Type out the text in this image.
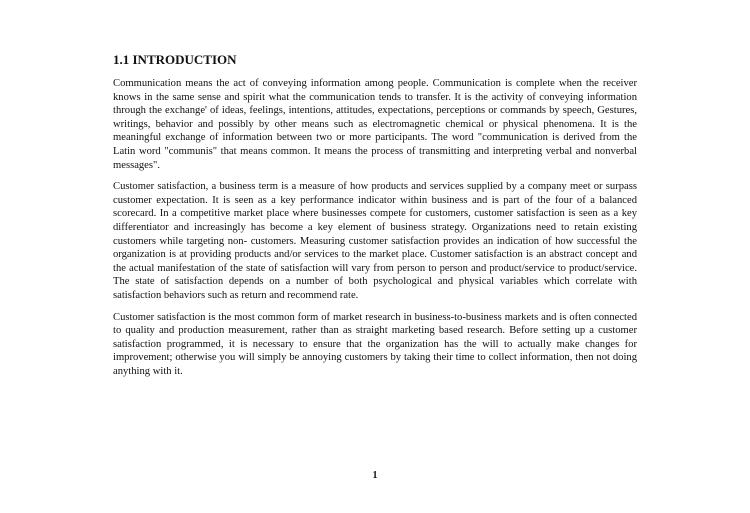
1.1 INTRODUCTION

Communication means the act of conveying information among people. Communication is complete when the receiver knows in the same sense and spirit what the communication tends to transfer. It is the activity of conveying information through the exchange' of ideas, feelings, intentions, attitudes, expectations, perceptions or commands by speech, Gestures, writings, behavior and possibly by other means such as electromagnetic chemical or physical phenomena. It is the meaningful exchange of information between two or more participants. The word "communication is derived from the Latin word "communis" that means common. It means the process of transmitting and interpreting verbal and nonverbal messages".

Customer satisfaction, a business term is a measure of how products and services supplied by a company meet or surpass customer expectation. It is seen as a key performance indicator within business and is part of the four of a balanced scorecard. In a competitive market place where businesses compete for customers, customer satisfaction is seen as a key differentiator and increasingly has become a key element of business strategy. Organizations need to retain existing customers while targeting non- customers. Measuring customer satisfaction provides an indication of how successful the organization is at providing products and/or services to the market place. Customer satisfaction is an abstract concept and the actual manifestation of the state of satisfaction will vary from person to person and product/service to product/service. The state of satisfaction depends on a number of both psychological and physical variables which correlate with satisfaction behaviors such as return and recommend rate.

Customer satisfaction is the most common form of market research in business-to-business markets and is often connected to quality and production measurement, rather than as straight marketing based research. Before setting up a customer satisfaction programmed, it is necessary to ensure that the organization has the will to actually make changes for improvement; otherwise you will simply be annoying customers by taking their time to collect information, then not doing anything with it.

1
